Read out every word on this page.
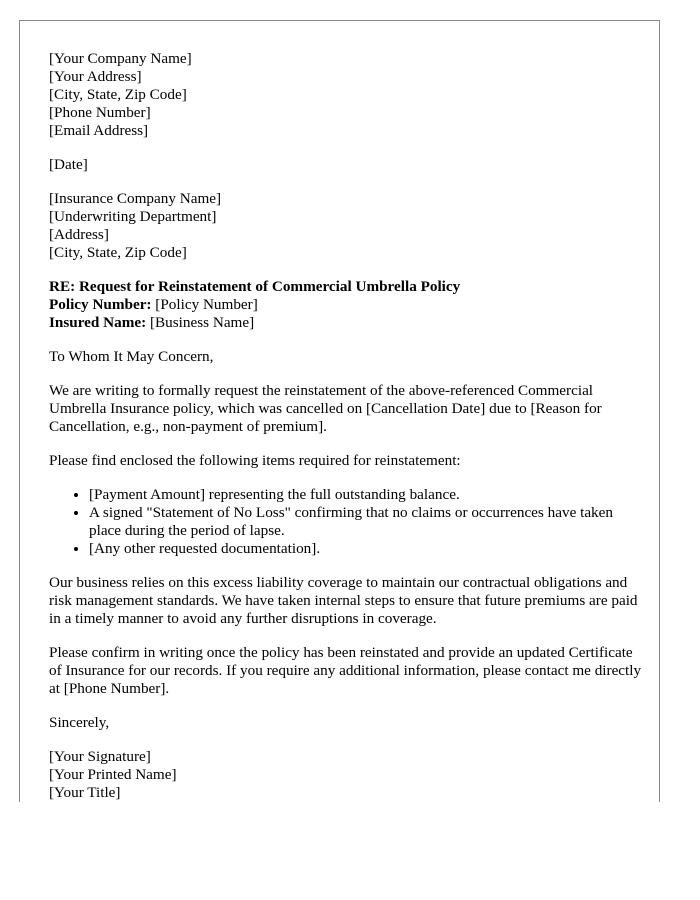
[Your Company Name]
[Your Address]
[City, State, Zip Code]
[Phone Number]
[Email Address]
[Date]
[Insurance Company Name]
[Underwriting Department]
[Address]
[City, State, Zip Code]
RE: Request for Reinstatement of Commercial Umbrella Policy
Policy Number: [Policy Number]
Insured Name: [Business Name]

To Whom It May Concern,

We are writing to formally request the reinstatement of the above-referenced Commercial Umbrella Insurance policy, which was cancelled on [Cancellation Date] due to [Reason for Cancellation, e.g., non-payment of premium].

Please find enclosed the following items required for reinstatement:

• [Payment Amount] representing the full outstanding balance.
• A signed "Statement of No Loss" confirming that no claims or occurrences have taken place during the period of lapse.
• [Any other requested documentation].

Our business relies on this excess liability coverage to maintain our contractual obligations and risk management standards. We have taken internal steps to ensure that future premiums are paid in a timely manner to avoid any further disruptions in coverage.

Please confirm in writing once the policy has been reinstated and provide an updated Certificate of Insurance for our records. If you require any additional information, please contact me directly at [Phone Number].

Sincerely,

[Your Signature]
[Your Printed Name]
[Your Title]
